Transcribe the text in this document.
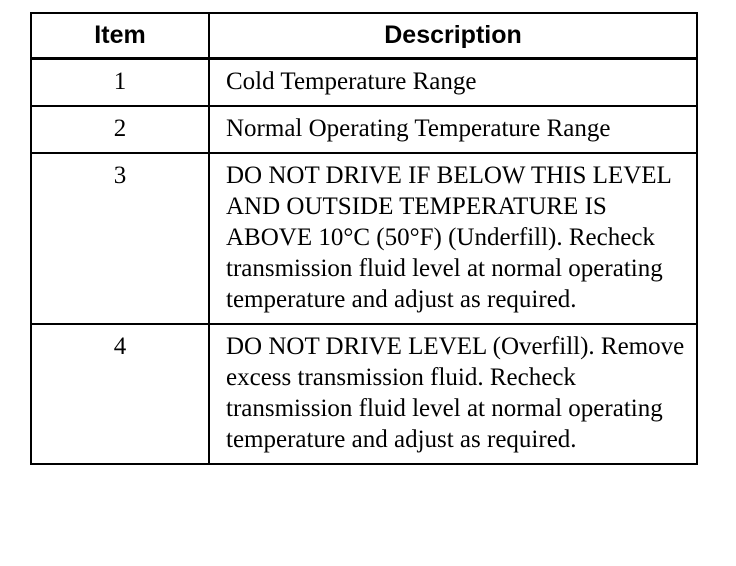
Item	Description
1	Cold Temperature Range
2	Normal Operating Temperature Range
3	DO NOT DRIVE IF BELOW THIS LEVEL AND OUTSIDE TEMPERATURE IS ABOVE 10°C (50°F) (Underfill). Recheck transmission fluid level at normal operating temperature and adjust as required.
4	DO NOT DRIVE LEVEL (Overfill). Remove excess transmission fluid. Recheck transmission fluid level at normal operating temperature and adjust as required.
